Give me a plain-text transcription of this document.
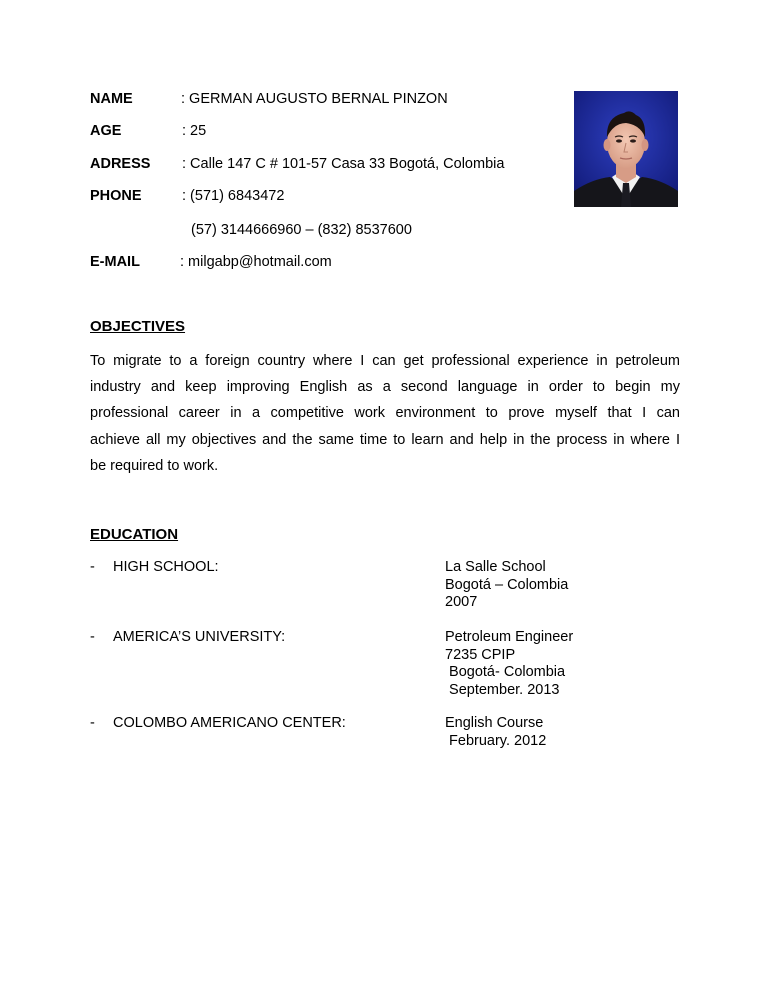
NAME	: GERMAN AUGUSTO BERNAL PINZON
AGE	: 25
ADRESS : Calle 147 C # 101-57 Casa 33 Bogotá, Colombia
PHONE	: (571) 6843472
(57) 3144666960 – (832) 8537600
E-MAIL	: milgabp@hotmail.com
OBJECTIVES
To migrate to a foreign country where I can get professional experience in petroleum
industry and keep improving English as a second language in order to begin my
professional career in a competitive work environment to prove myself that I can
achieve all my objectives and the same time to learn and help in the process in where I
be required to work.
EDUCATION
- HIGH SCHOOL:	La Salle School
Bogotá – Colombia
2007
- AMERICA’S UNIVERSITY:	Petroleum Engineer
7235 CPIP
Bogotá- Colombia
September. 2013
- COLOMBO AMERICANO CENTER:	English Course
February. 2012
